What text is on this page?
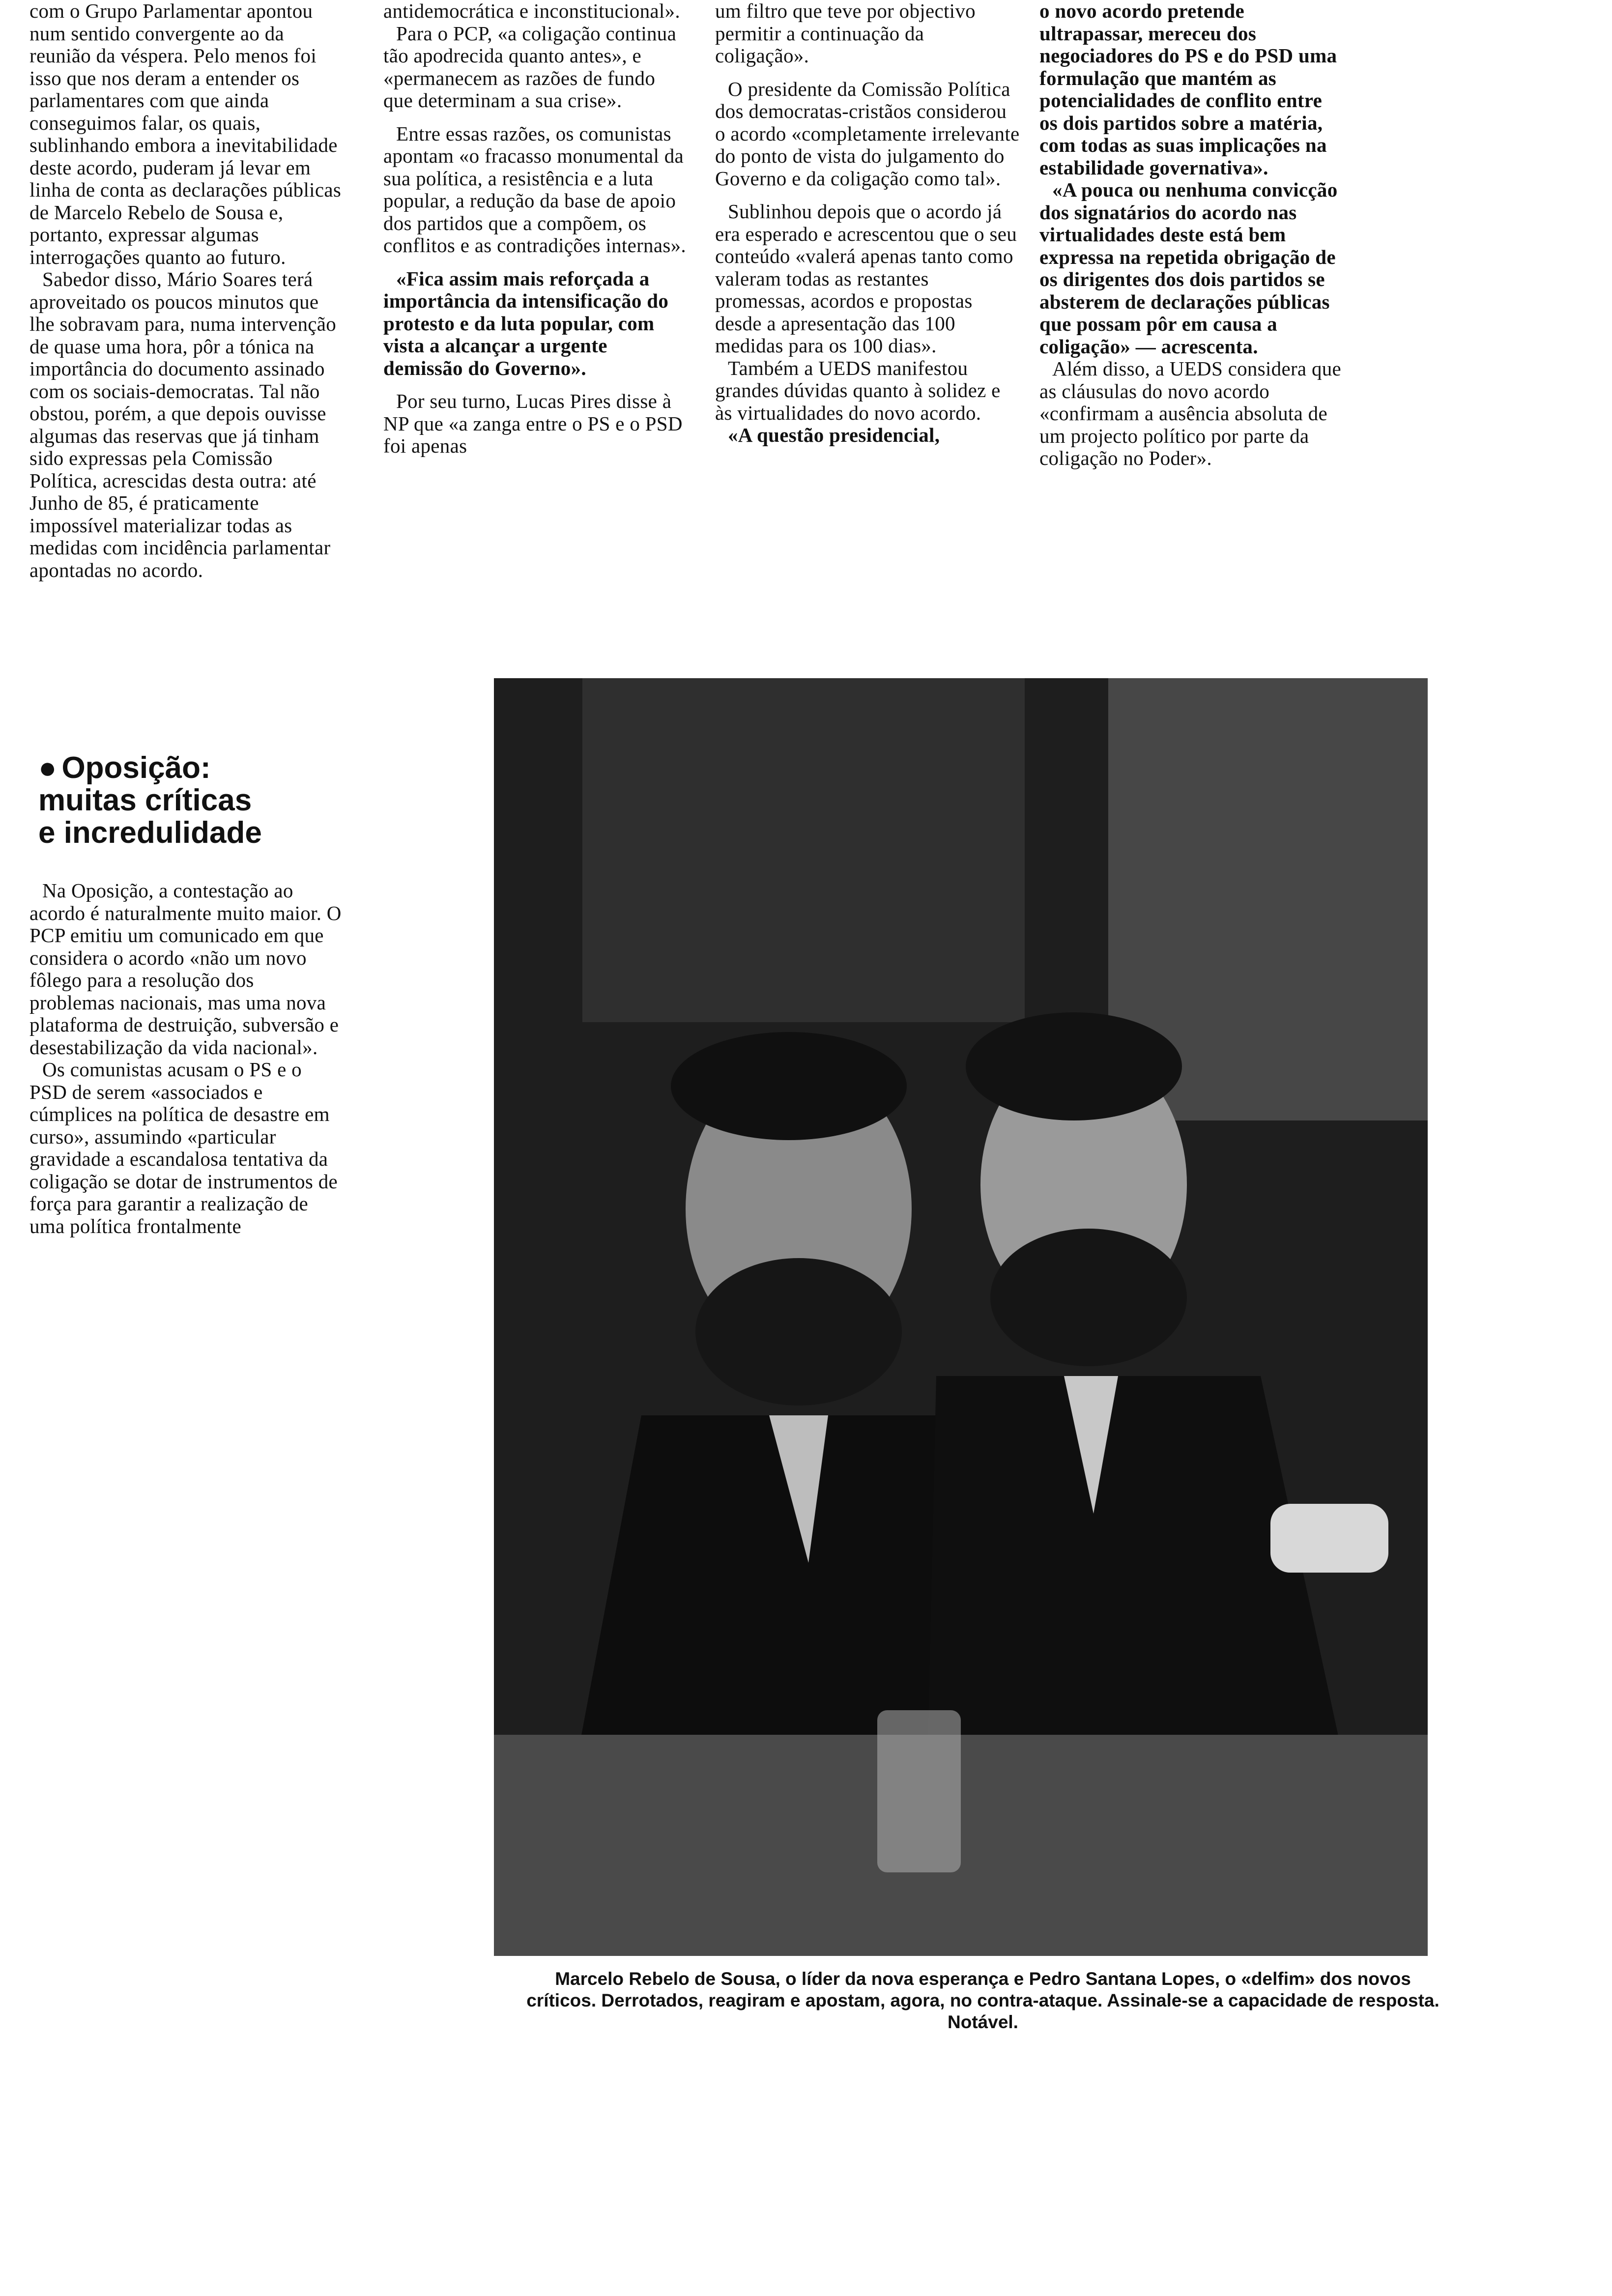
com o Grupo Parlamentar apontou num sentido convergente ao da reunião da véspera. Pelo menos foi isso que nos deram a entender os parlamentares com que ainda conseguimos falar, os quais, sublinhando embora a inevitabilidade deste acordo, puderam já levar em linha de conta as declarações públicas de Marcelo Rebelo de Sousa e, portanto, expressar algumas interrogações quanto ao futuro.

Sabedor disso, Mário Soares terá aproveitado os poucos minutos que lhe sobravam para, numa intervenção de quase uma hora, pôr a tónica na importância do documento assinado com os sociais-democratas. Tal não obstou, porém, a que depois ouvisse algumas das reservas que já tinham sido expressas pela Comissão Política, acrescidas desta outra: até Junho de 85, é praticamente impossível materializar todas as medidas com incidência parlamentar apontadas no acordo.

antidemocrática e inconstitucional».

Para o PCP, «a coligação continua tão apodrecida quanto antes», e «permanecem as razões de fundo que determinam a sua crise».

Entre essas razões, os comunistas apontam «o fracasso monumental da sua política, a resistência e a luta popular, a redução da base de apoio dos partidos que a compõem, os conflitos e as contradições internas».

«Fica assim mais reforçada a importância da intensificação do protesto e da luta popular, com vista a alcançar a urgente demissão do Governo».

Por seu turno, Lucas Pires disse à NP que «a zanga entre o PS e o PSD foi apenas

um filtro que teve por objectivo permitir a continuação da coligação».

O presidente da Comissão Política dos democratas-cristãos considerou o acordo «completamente irrelevante do ponto de vista do julgamento do Governo e da coligação como tal».

Sublinhou depois que o acordo já era esperado e acrescentou que o seu conteúdo «valerá apenas tanto como valeram todas as restantes promessas, acordos e propostas desde a apresentação das 100 medidas para os 100 dias».

Também a UEDS manifestou grandes dúvidas quanto à solidez e às virtualidades do novo acordo.

«A questão presidencial,

o novo acordo pretende ultrapassar, mereceu dos negociadores do PS e do PSD uma formulação que mantém as potencialidades de conflito entre os dois partidos sobre a matéria, com todas as suas implicações na estabilidade governativa».

«A pouca ou nenhuma convicção dos signatários do acordo nas virtualidades deste está bem expressa na repetida obrigação de os dirigentes dos dois partidos se absterem de declarações públicas que possam pôr em causa a coligação» — acrescenta.

Além disso, a UEDS considera que as cláusulas do novo acordo «confirmam a ausência absoluta de um projecto político por parte da coligação no Poder».

● Oposição:
muitas críticas
e incredulidade

Na Oposição, a contestação ao acordo é naturalmente muito maior. O PCP emitiu um comunicado em que considera o acordo «não um novo fôlego para a resolução dos problemas nacionais, mas uma nova plataforma de destruição, subversão e desestabilização da vida nacional».

Os comunistas acusam o PS e o PSD de serem «associados e cúmplices na política de desastre em curso», assumindo «particular gravidade a escandalosa tentativa da coligação se dotar de instrumentos de força para garantir a realização de uma política frontalmente

Marcelo Rebelo de Sousa, o líder da nova esperança e Pedro Santana Lopes, o «delfim» dos novos críticos. Derrotados, reagiram e apostam, agora, no contra-ataque. Assinale-se a capacidade de resposta. Notável.
